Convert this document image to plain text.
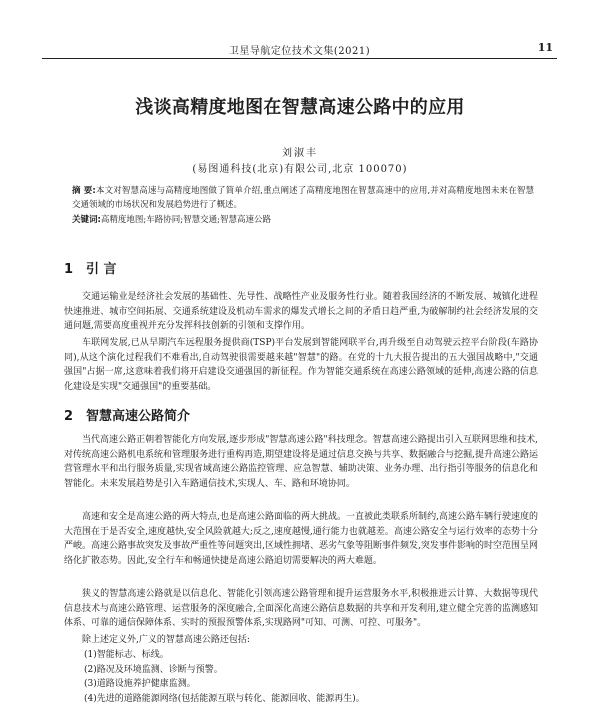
卫星导航定位技术文集(2021)	11
浅谈高精度地图在智慧高速公路中的应用
刘淑丰
(易图通科技(北京)有限公司,北京 100070)
摘 要:本文对智慧高速与高精度地图做了简单介绍,重点阐述了高精度地图在智慧高速中的应用,并对高精度地图未来在智慧交通领域的市场状况和发展趋势进行了概述。
关键词:高精度地图;车路协同;智慧交通;智慧高速公路
1 引 言
交通运输业是经济社会发展的基础性、先导性、战略性产业及服务性行业。随着我国经济的不断发展、城镇化进程快速推进、城市空间拓展、交通系统建设及机动车需求的爆发式增长之间的矛盾日趋严重,为破解制约社会经济发展的交通问题,需要高度重视并充分发挥科技创新的引领和支撑作用。
车联网发展,已从早期汽车远程服务提供商(TSP)平台发展到智能网联平台,再升级至自动驾驶云控平台阶段(车路协同),从这个演化过程我们不难看出,自动驾驶很需要越来越"智慧"的路。在党的十九大报告提出的五大强国战略中,"交通强国"占据一席,这意味着我们将开启建设交通强国的新征程。作为智能交通系统在高速公路领域的延伸,高速公路的信息化建设是实现"交通强国"的重要基础。
2 智慧高速公路简介
当代高速公路正朝着智能化方向发展,逐步形成"智慧高速公路"科技理念。智慧高速公路提出引入互联网思维和技术,对传统高速公路机电系统和管理服务进行重构再造,期望建设将是通过信息交换与共享、数据融合与挖掘,提升高速公路运营管理水平和出行服务质量,实现省域高速公路监控管理、应急智慧、辅助决策、业务办理、出行指引等服务的信息化和智能化。未来发展趋势是引入车路通信技术,实现人、车、路和环境协同。
高速和安全是高速公路的两大特点,也是高速公路面临的两大挑战。一直被此类联系所制约,高速公路车辆行驶速度的大范围在于是否安全,速度越快,安全风险就越大;反之,速度越慢,通行能力也就越差。高速公路安全与运行效率的态势十分严峻。高速公路事故突发及事故严重性等问题突出,区域性拥堵、恶劣气象等阻断事件频发,突发事件影响的时空范围呈网络化扩散态势。因此,安全行车和畅通快捷是高速公路追切需要解决的两大难题。
狭义的智慧高速公路就是以信息化、智能化引领高速公路管理和提升运营服务水平,积极推进云计算、大数据等现代信息技术与高速公路管理、运营服务的深度融合,全面深化高速公路信息数据的共享和开发利用,建立健全完善的监测感知体系、可靠的通信保障体系、实时的预报预警体系,实现路网"可知、可测、可控、可服务"。
除上述定义外,广义的智慧高速公路还包括:
(1)智能标志、标线。
(2)路况及环境监测、诊断与预警。
(3)道路设施养护健康监测。
(4)先进的道路能源网络(包括能源互联与转化、能源回收、能源再生)。
